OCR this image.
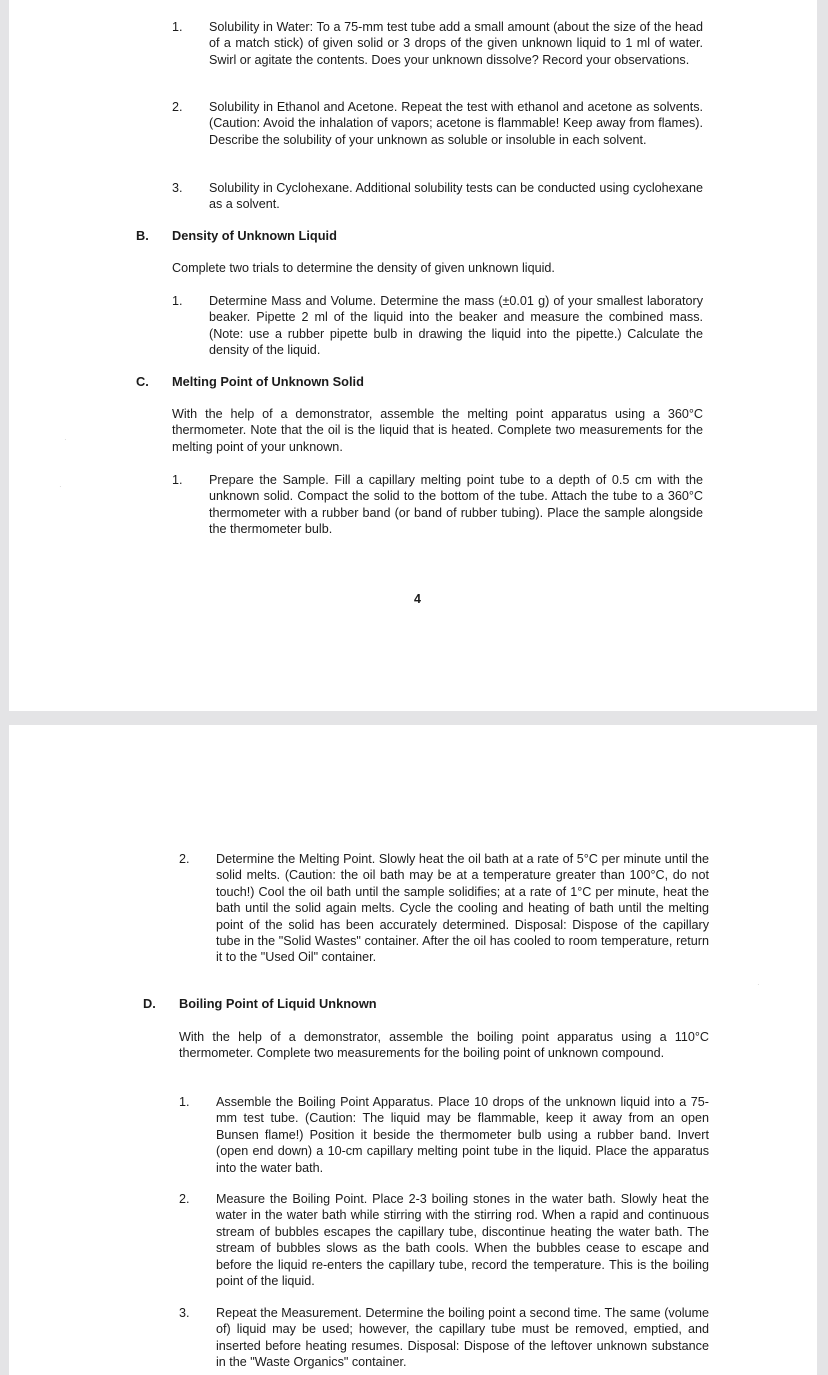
1.	Solubility in Water: To a 75-mm test tube add a small amount (about the size of the head of a match stick) of given solid or 3 drops of the given unknown liquid to 1 ml of water. Swirl or agitate the contents. Does your unknown dissolve? Record your observations.
2.	Solubility in Ethanol and Acetone. Repeat the test with ethanol and acetone as solvents. (Caution: Avoid the inhalation of vapors; acetone is flammable! Keep away from flames). Describe the solubility of your unknown as soluble or insoluble in each solvent.
3.	Solubility in Cyclohexane. Additional solubility tests can be conducted using cyclohexane as a solvent.
B. Density of Unknown Liquid
Complete two trials to determine the density of given unknown liquid.
1.	Determine Mass and Volume. Determine the mass (±0.01 g) of your smallest laboratory beaker. Pipette 2 ml of the liquid into the beaker and measure the combined mass. (Note: use a rubber pipette bulb in drawing the liquid into the pipette.) Calculate the density of the liquid.
C. Melting Point of Unknown Solid
With the help of a demonstrator, assemble the melting point apparatus using a 360°C thermometer. Note that the oil is the liquid that is heated. Complete two measurements for the melting point of your unknown.
1.	Prepare the Sample. Fill a capillary melting point tube to a depth of 0.5 cm with the unknown solid. Compact the solid to the bottom of the tube. Attach the tube to a 360°C thermometer with a rubber band (or band of rubber tubing). Place the sample alongside the thermometer bulb.
4
·
·
2.	Determine the Melting Point. Slowly heat the oil bath at a rate of 5°C per minute until the solid melts. (Caution: the oil bath may be at a temperature greater than 100°C, do not touch!) Cool the oil bath until the sample solidifies; at a rate of 1°C per minute, heat the bath until the solid again melts. Cycle the cooling and heating of bath until the melting point of the solid has been accurately determined. Disposal: Dispose of the capillary tube in the "Solid Wastes" container. After the oil has cooled to room temperature, return it to the "Used Oil" container.
D. Boiling Point of Liquid Unknown
With the help of a demonstrator, assemble the boiling point apparatus using a 110°C thermometer. Complete two measurements for the boiling point of unknown compound.
1.	Assemble the Boiling Point Apparatus. Place 10 drops of the unknown liquid into a 75-mm test tube. (Caution: The liquid may be flammable, keep it away from an open Bunsen flame!) Position it beside the thermometer bulb using a rubber band. Invert (open end down) a 10-cm capillary melting point tube in the liquid. Place the apparatus into the water bath.
2.	Measure the Boiling Point. Place 2-3 boiling stones in the water bath. Slowly heat the water in the water bath while stirring with the stirring rod. When a rapid and continuous stream of bubbles escapes the capillary tube, discontinue heating the water bath. The stream of bubbles slows as the bath cools. When the bubbles cease to escape and before the liquid re-enters the capillary tube, record the temperature. This is the boiling point of the liquid.
3.	Repeat the Measurement. Determine the boiling point a second time. The same (volume of) liquid may be used; however, the capillary tube must be removed, emptied, and inserted before heating resumes. Disposal: Dispose of the leftover unknown substance in the "Waste Organics" container.
·
